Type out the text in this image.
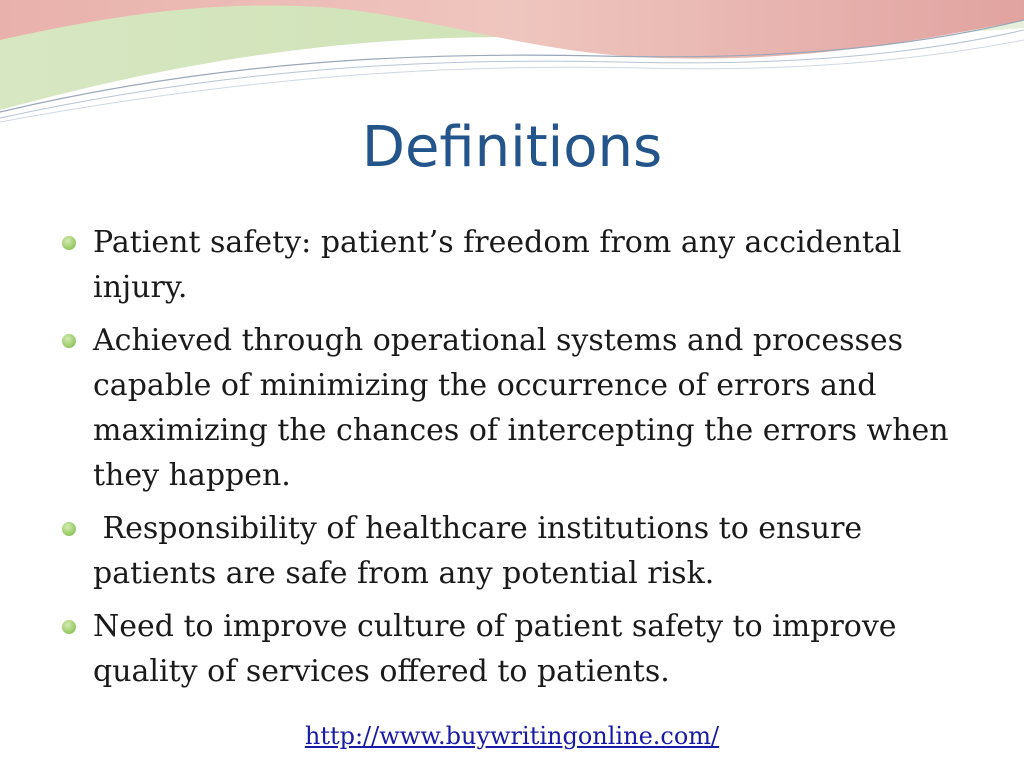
Definitions
Patient safety: patient’s freedom from any accidental injury.
Achieved through operational systems and processes capable of minimizing the occurrence of errors and maximizing the chances of intercepting the errors when they happen.
Responsibility of healthcare institutions to ensure patients are safe from any potential risk.
Need to improve culture of patient safety to improve quality of services offered to patients.
http://www.buywritingonline.com/
